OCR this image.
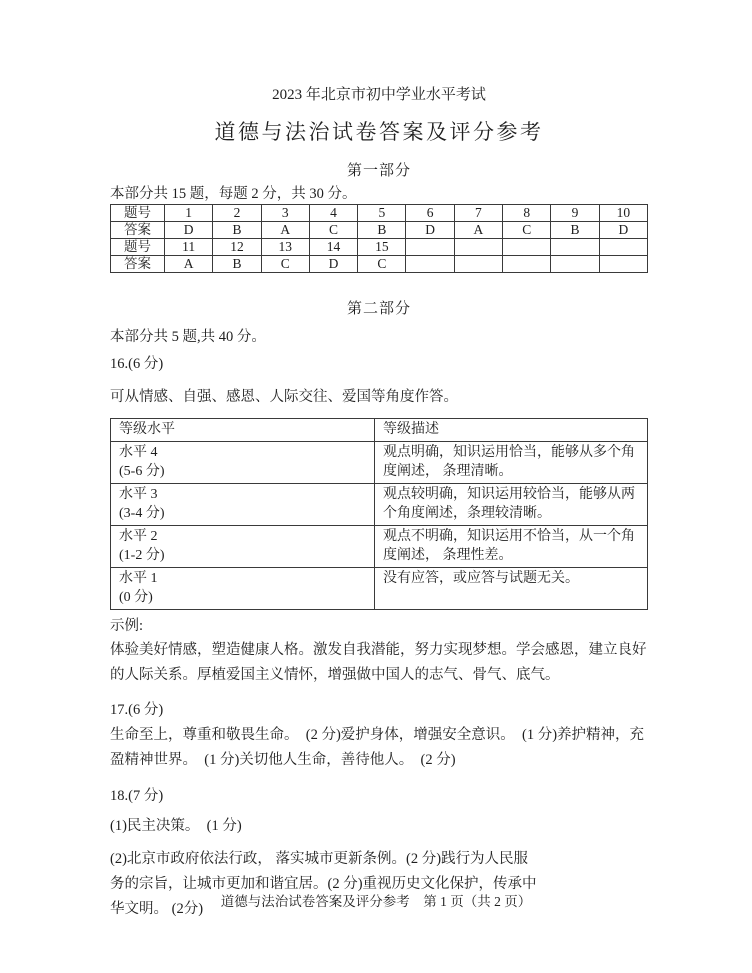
2023 年北京市初中学业水平考试
道德与法治试卷答案及评分参考
第一部分
本部分共 15 题，每题 2 分，共 30 分。
题号	1	2	3	4	5	6	7	8	9	10
答案	D	B	A	C	B	D	A	C	B	D
题号	11	12	13	14	15					
答案	A	B	C	D	C					
第二部分
本部分共 5 题,共 40 分。
16.(6 分)
可从情感、自强、感恩、人际交往、爱国等角度作答。
等级水平	等级描述

水平 4
(5-6 分)	观点明确，知识运用恰当，能够从多个角度阐述， 条理清晰。

水平 3
(3-4 分)	观点较明确，知识运用较恰当，能够从两个角度阐述，条理较清晰。

水平 2
(1-2 分)	观点不明确，知识运用不恰当，从一个角度阐述， 条理性差。

水平 1
(0 分)	没有应答，或应答与试题无关。
示例:
体验美好情感，塑造健康人格。激发自我潜能，努力实现梦想。学会感恩，建立良好的人际关系。厚植爱国主义情怀，增强做中国人的志气、骨气、底气。
17.(6 分)
生命至上，尊重和敬畏生命。  (2 分)爱护身体，增强安全意识。  (1 分)养护精神，充盈精神世界。  (1 分)关切他人生命，善待他人。  (2 分)
18.(7 分)
(1)民主决策。  (1 分)
(2)北京市政府依法行政， 落实城市更新条例。(2 分)践行为人民服务的宗旨，让城市更加和谐宜居。(2 分)重视历史文化保护，传承中华文明。 (2分)	道德与法治试卷答案及评分参考　第 1 页（共 2 页）
